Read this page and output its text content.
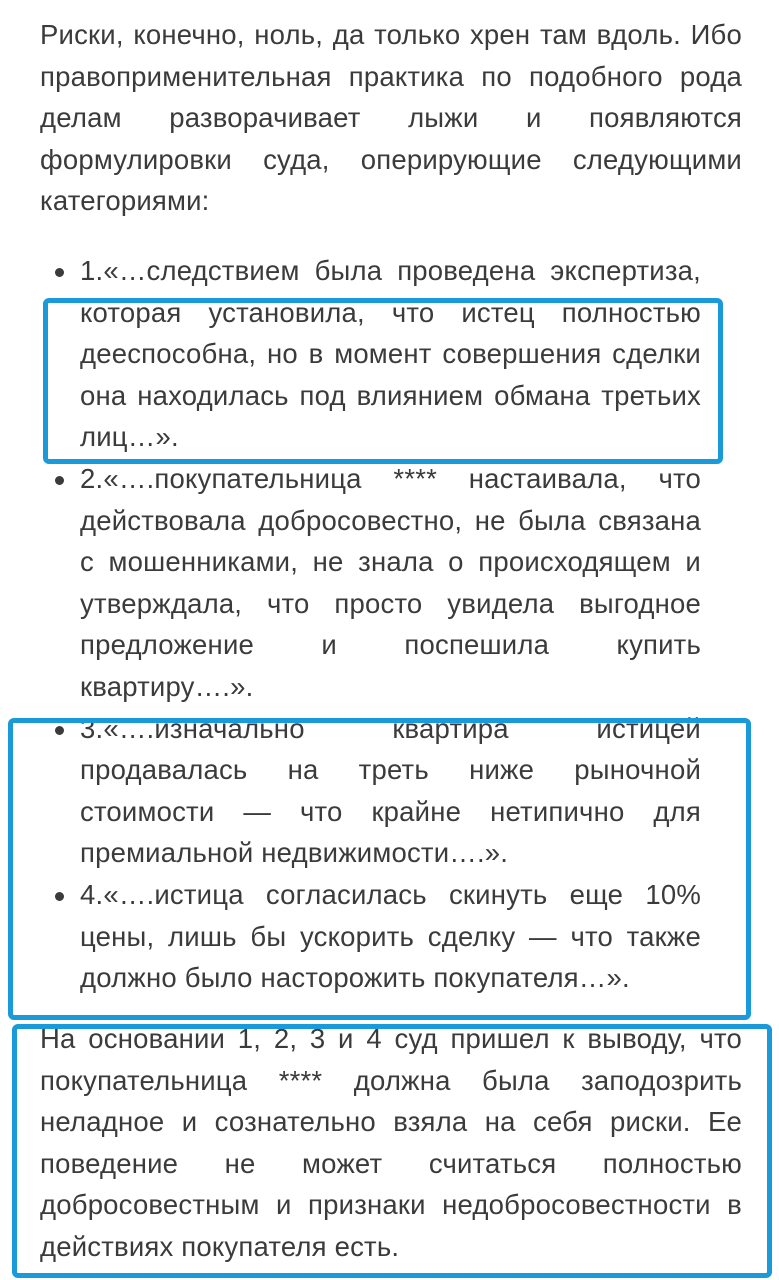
Риски, конечно, ноль, да только хрен там вдоль. Ибо правоприменительная практика по подобного рода делам разворачивает лыжи и появляются формулировки суда, оперирующие следующими категориями:

1.«…следствием была проведена экспертиза, которая установила, что истец полностью дееспособна, но в момент совершения сделки она находилась под влиянием обмана третьих лиц…».
2.«….покупательница **** настаивала, что действовала добросовестно, не была связана с мошенниками, не знала о происходящем и утверждала, что просто увидела выгодное предложение и поспешила купить квартиру….».
3.«….изначально квартира истицей продавалась на треть ниже рыночной стоимости — что крайне нетипично для премиальной недвижимости….».
4.«….истица согласилась скинуть еще 10% цены, лишь бы ускорить сделку — что также должно было насторожить покупателя…».

На основании 1, 2, 3 и 4 суд пришел к выводу, что покупательница **** должна была заподозрить неладное и сознательно взяла на себя риски. Ее поведение не может считаться полностью добросовестным и признаки недобросовестности в действиях покупателя есть.
